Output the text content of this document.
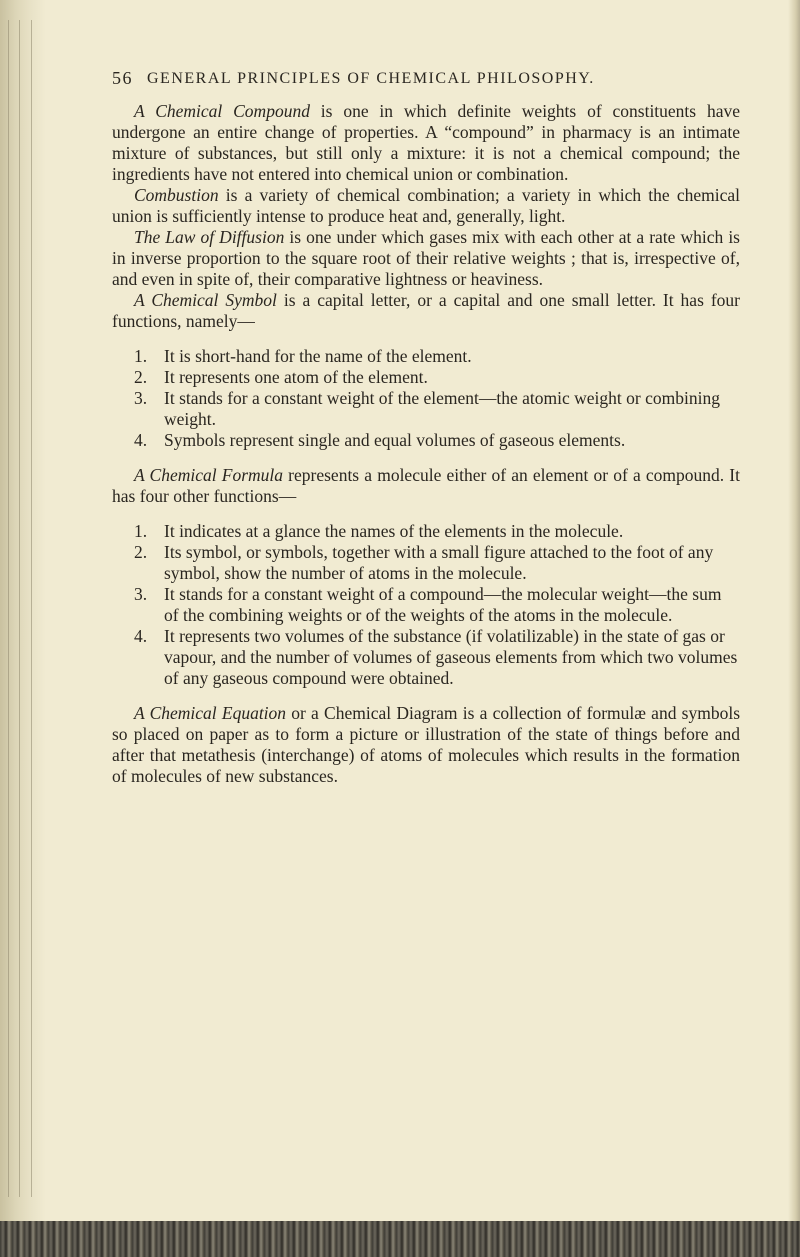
56 GENERAL PRINCIPLES OF CHEMICAL PHILOSOPHY.

A Chemical Compound is one in which definite weights of constituents have undergone an entire change of properties. A “compound” in pharmacy is an intimate mixture of substances, but still only a mixture: it is not a chemical compound; the ingredients have not entered into chemical union or combination.

Combustion is a variety of chemical combination; a variety in which the chemical union is sufficiently intense to produce heat and, generally, light.

The Law of Diffusion is one under which gases mix with each other at a rate which is in inverse proportion to the square root of their relative weights ; that is, irrespective of, and even in spite of, their comparative lightness or heaviness.

A Chemical Symbol is a capital letter, or a capital and one small letter. It has four functions, namely—

1. It is short-hand for the name of the element.
2. It represents one atom of the element.
3. It stands for a constant weight of the element—the atomic weight or combining weight.
4. Symbols represent single and equal volumes of gaseous elements.

A Chemical Formula represents a molecule either of an element or of a compound. It has four other functions—

1. It indicates at a glance the names of the elements in the molecule.
2. Its symbol, or symbols, together with a small figure attached to the foot of any symbol, show the number of atoms in the molecule.
3. It stands for a constant weight of a compound—the molecular weight—the sum of the combining weights or of the weights of the atoms in the molecule.
4. It represents two volumes of the substance (if volatilizable) in the state of gas or vapour, and the number of volumes of gaseous elements from which two volumes of any gaseous compound were obtained.

A Chemical Equation or a Chemical Diagram is a collection of formulæ and symbols so placed on paper as to form a picture or illustration of the state of things before and after that metathesis (interchange) of atoms of molecules which results in the formation of molecules of new substances.
